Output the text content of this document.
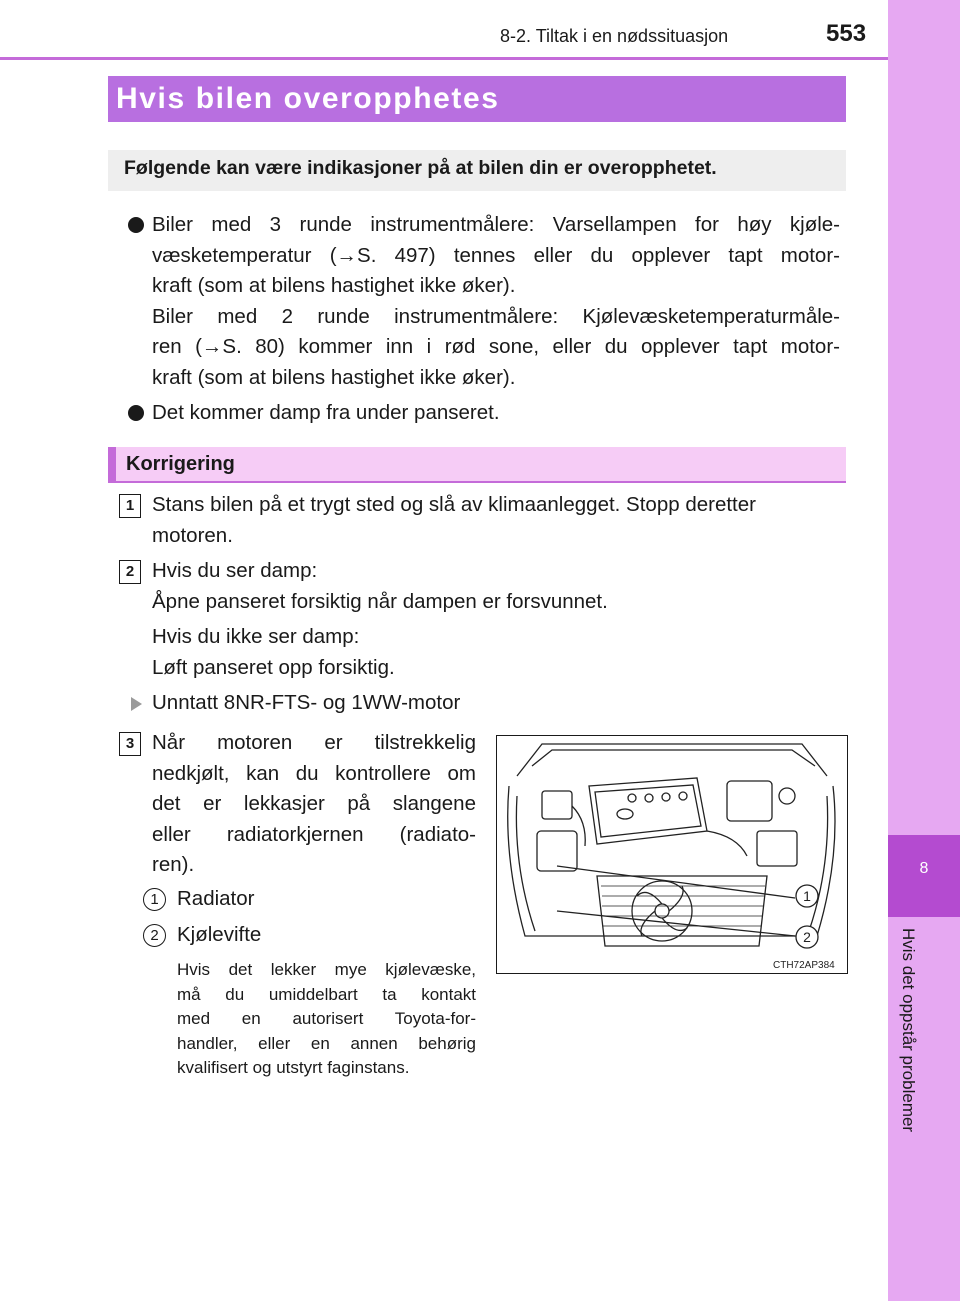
8-2. Tiltak i en nødssituasjon	553
8
Hvis det oppstår problemer
Hvis bilen overopphetes
Følgende kan være indikasjoner på at bilen din er overopphetet.
Biler med 3 runde instrumentmålere: Varsellampen for høy kjøle-
væsketemperatur (→S. 497) tennes eller du opplever tapt motor-
kraft (som at bilens hastighet ikke øker).
Biler med 2 runde instrumentmålere: Kjølevæsketemperaturmåle-
ren (→S. 80) kommer inn i rød sone, eller du opplever tapt motor-
kraft (som at bilens hastighet ikke øker).
Det kommer damp fra under panseret.
Korrigering
1 Stans bilen på et trygt sted og slå av klimaanlegget. Stopp deretter
motoren.
2 Hvis du ser damp:
Åpne panseret forsiktig når dampen er forsvunnet.
Hvis du ikke ser damp:
Løft panseret opp forsiktig.
Unntatt 8NR-FTS- og 1WW-motor
3 Når motoren er tilstrekkelig
nedkjølt, kan du kontrollere om
det er lekkasjer på slangene
eller radiatorkjernen (radiato-
ren).
1 Radiator
2 Kjølevifte
Hvis det lekker mye kjølevæske,
må du umiddelbart ta kontakt
med en autorisert Toyota-for-
handler, eller en annen behørig
kvalifisert og utstyrt faginstans.
1
2
CTH72AP384
